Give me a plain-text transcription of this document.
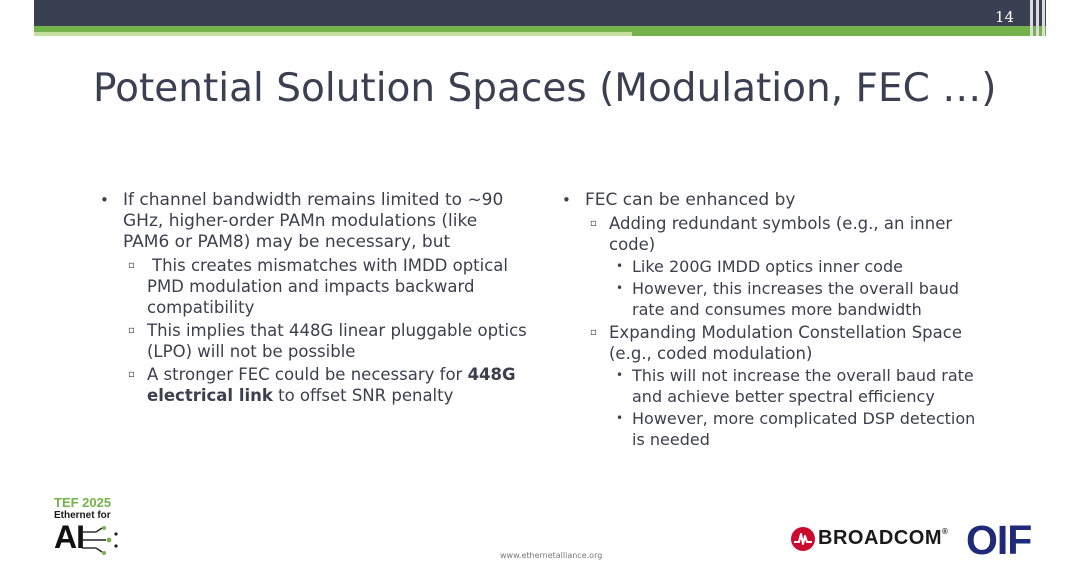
14
Potential Solution Spaces (Modulation, FEC …)
• If channel bandwidth remains limited to ~90 GHz, higher-order PAMn modulations (like PAM6 or PAM8) may be necessary, but
▫ This creates mismatches with IMDD optical PMD modulation and impacts backward compatibility
▫ This implies that 448G linear pluggable optics (LPO) will not be possible
▫ A stronger FEC could be necessary for 448G electrical link to offset SNR penalty
• FEC can be enhanced by
▫ Adding redundant symbols (e.g., an inner code)
• Like 200G IMDD optics inner code
• However, this increases the overall baud rate and consumes more bandwidth
▫ Expanding Modulation Constellation Space (e.g., coded modulation)
• This will not increase the overall baud rate and achieve better spectral efficiency
• However, more complicated DSP detection is needed
TEF 2025
Ethernet for
AI
www.ethernetalliance.org
BROADCOM® OIF
